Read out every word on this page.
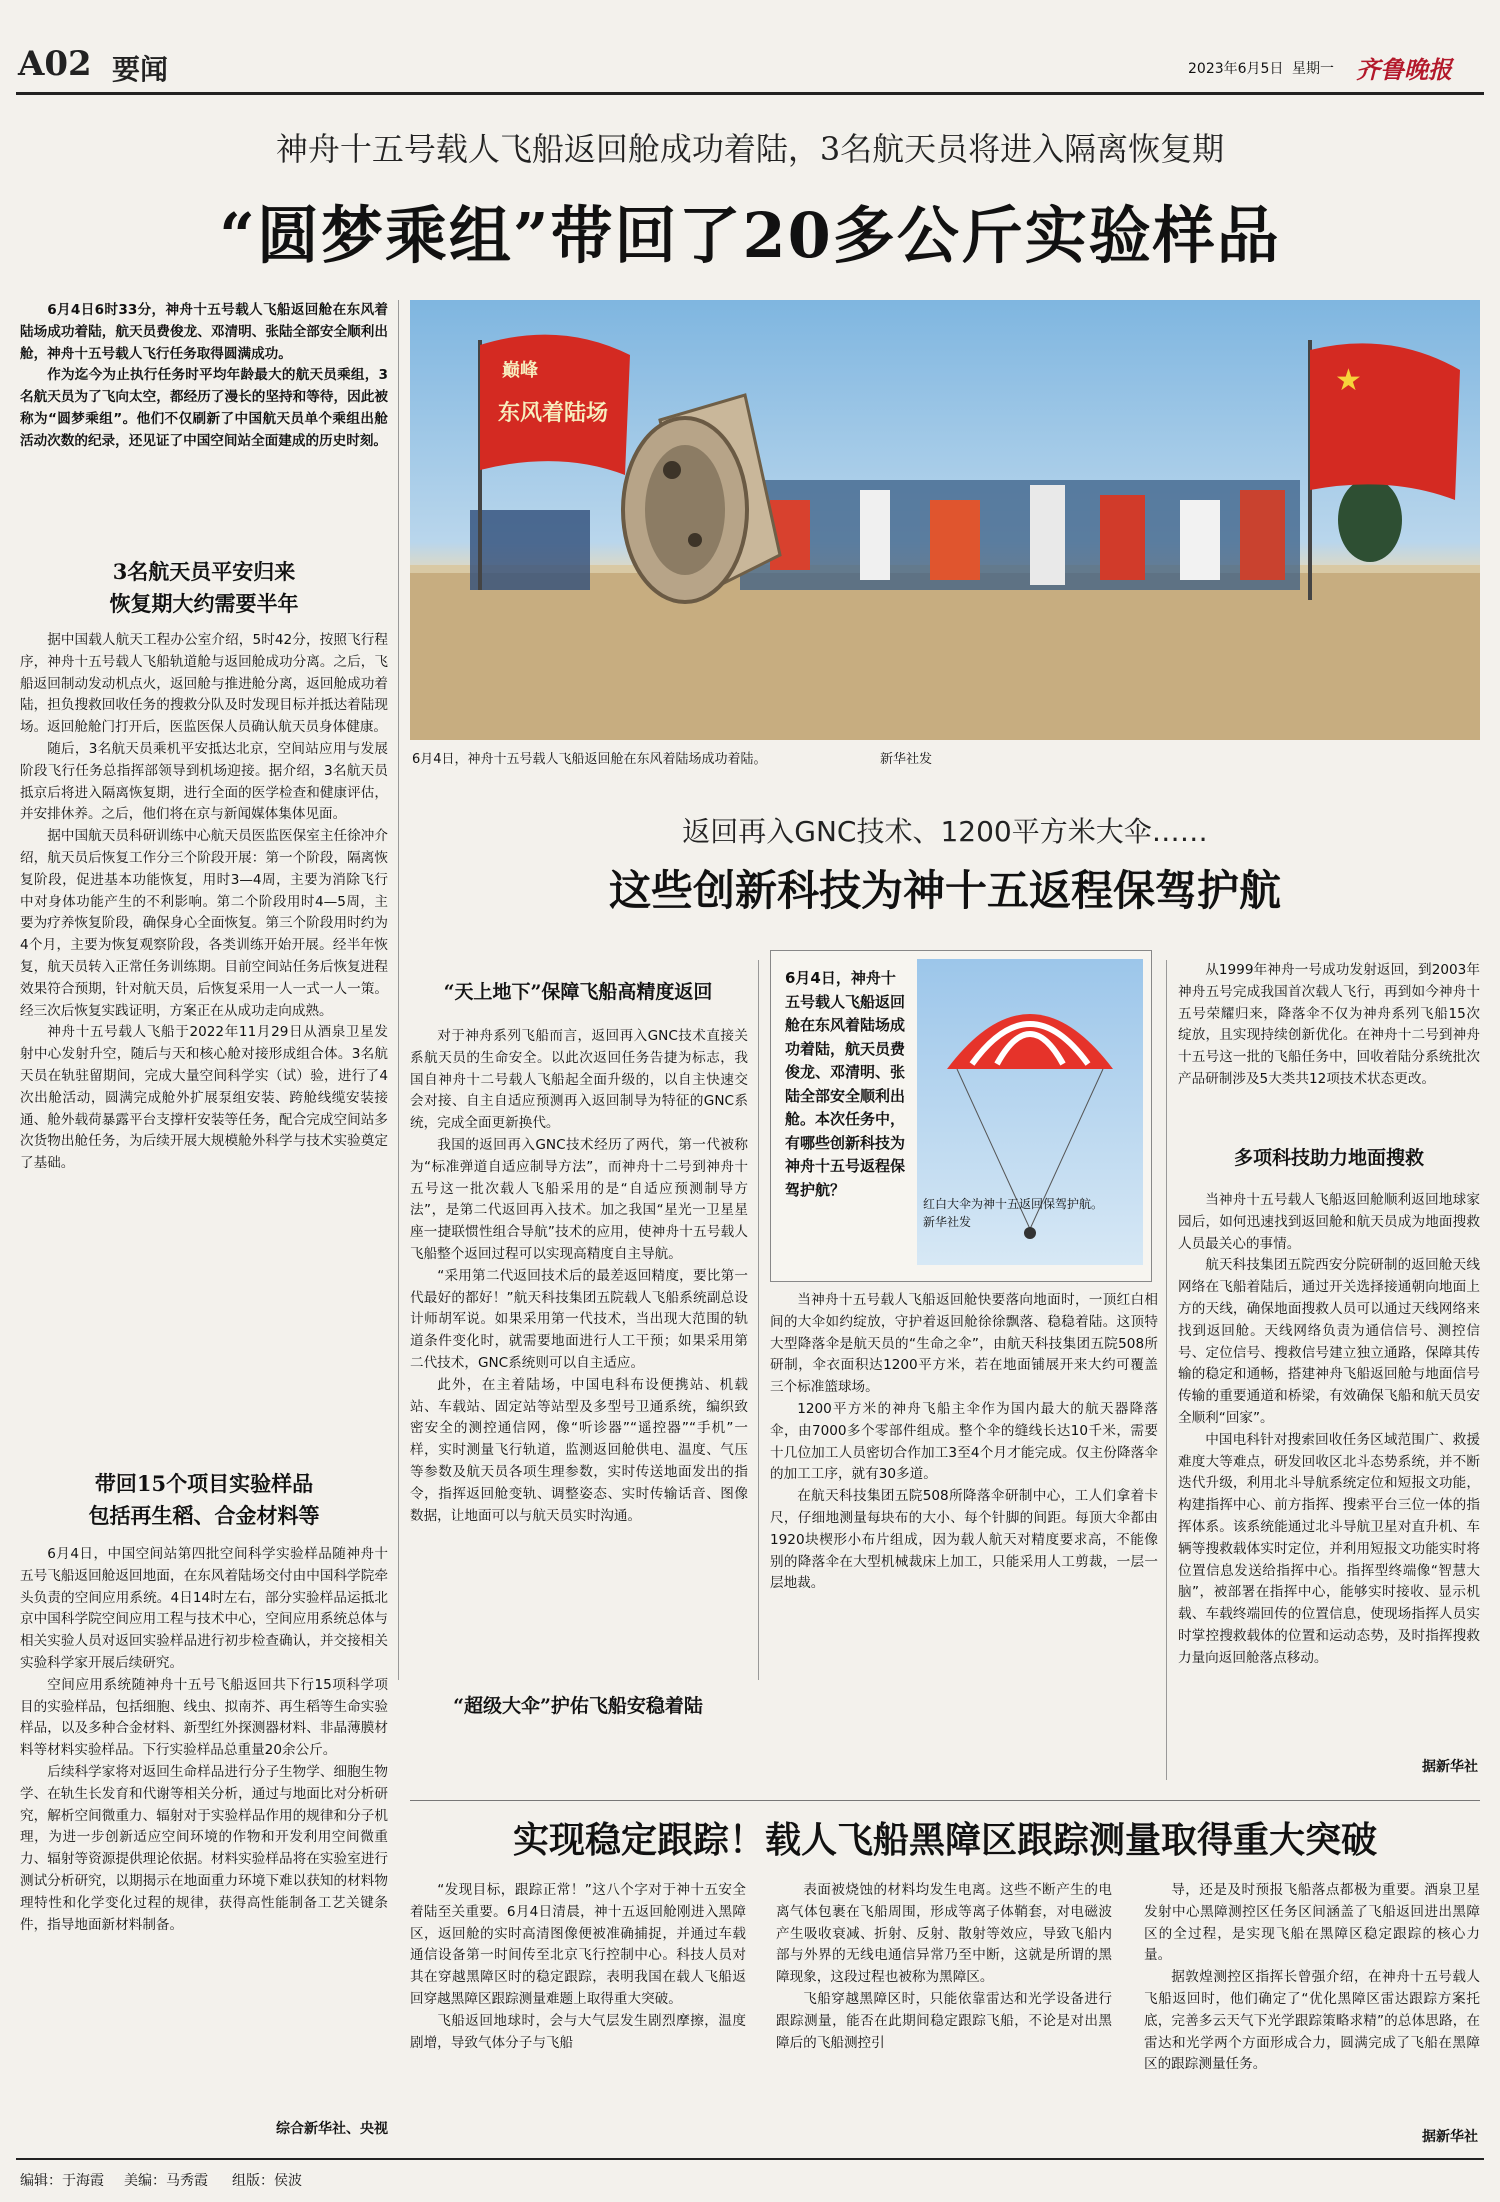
A02 要闻	2023年6月5日 星期一 齐鲁晚报
神舟十五号载人飞船返回舱成功着陆，3名航天员将进入隔离恢复期
“圆梦乘组”带回了20多公斤实验样品

6月4日6时33分，神舟十五号载人飞船返回舱在东风着陆场成功着陆，航天员费俊龙、邓清明、张陆全部安全顺利出舱，神舟十五号载人飞行任务取得圆满成功。

作为迄今为止执行任务时平均年龄最大的航天员乘组，3名航天员为了飞向太空，都经历了漫长的坚持和等待，因此被称为“圆梦乘组”。他们不仅刷新了中国航天员单个乘组出舱活动次数的纪录，还见证了中国空间站全面建成的历史时刻。

3名航天员平安归来
恢复期大约需要半年

据中国载人航天工程办公室介绍，5时42分，按照飞行程序，神舟十五号载人飞船轨道舱与返回舱成功分离。之后，飞船返回制动发动机点火，返回舱与推进舱分离，返回舱成功着陆，担负搜救回收任务的搜救分队及时发现目标并抵达着陆现场。返回舱舱门打开后，医监医保人员确认航天员身体健康。

随后，3名航天员乘机平安抵达北京，空间站应用与发展阶段飞行任务总指挥部领导到机场迎接。据介绍，3名航天员抵京后将进入隔离恢复期，进行全面的医学检查和健康评估，并安排休养。之后，他们将在京与新闻媒体集体见面。

据中国航天员科研训练中心航天员医监医保室主任徐冲介绍，航天员后恢复工作分三个阶段开展：第一个阶段，隔离恢复阶段，促进基本功能恢复，用时3—4周，主要为消除飞行中对身体功能产生的不利影响。第二个阶段用时4—5周，主要为疗养恢复阶段，确保身心全面恢复。第三个阶段用时约为4个月，主要为恢复观察阶段，各类训练开始开展。经半年恢复，航天员转入正常任务训练期。目前空间站任务后恢复进程效果符合预期，针对航天员，后恢复采用一人一式一人一策。经三次后恢复实践证明，方案正在从成功走向成熟。

神舟十五号载人飞船于2022年11月29日从酒泉卫星发射中心发射升空，随后与天和核心舱对接形成组合体。3名航天员在轨驻留期间，完成大量空间科学实（试）验，进行了4次出舱活动，圆满完成舱外扩展泵组安装、跨舱线缆安装接通、舱外载荷暴露平台支撑杆安装等任务，配合完成空间站多次货物出舱任务，为后续开展大规模舱外科学与技术实验奠定了基础。

带回15个项目实验样品
包括再生稻、合金材料等

6月4日，中国空间站第四批空间科学实验样品随神舟十五号飞船返回舱返回地面，在东风着陆场交付由中国科学院牵头负责的空间应用系统。4日14时左右，部分实验样品运抵北京中国科学院空间应用工程与技术中心，空间应用系统总体与相关实验人员对返回实验样品进行初步检查确认，并交接相关实验科学家开展后续研究。

空间应用系统随神舟十五号飞船返回共下行15项科学项目的实验样品，包括细胞、线虫、拟南芥、再生稻等生命实验样品，以及多种合金材料、新型红外探测器材料、非晶薄膜材料等材料实验样品。下行实验样品总重量20余公斤。

后续科学家将对返回生命样品进行分子生物学、细胞生物学、在轨生长发育和代谢等相关分析，通过与地面比对分析研究，解析空间微重力、辐射对于实验样品作用的规律和分子机理，为进一步创新适应空间环境的作物和开发利用空间微重力、辐射等资源提供理论依据。材料实验样品将在实验室进行测试分析研究，以期揭示在地面重力环境下难以获知的材料物理特性和化学变化过程的规律，获得高性能制备工艺关键条件，指导地面新材料制备。

综合新华社、央视
★
巅峰
东风着陆场
6月4日，神舟十五号载人飞船返回舱在东风着陆场成功着陆。	新华社发
返回再入GNC技术、1200平方米大伞……
这些创新科技为神十五返程保驾护航
“天上地下”保障飞船高精度返回

对于神舟系列飞船而言，返回再入GNC技术直接关系航天员的生命安全。以此次返回任务告捷为标志，我国自神舟十二号载人飞船起全面升级的，以自主快速交会对接、自主自适应预测再入返回制导为特征的GNC系统，完成全面更新换代。

我国的返回再入GNC技术经历了两代，第一代被称为“标准弹道自适应制导方法”，而神舟十二号到神舟十五号这一批次载人飞船采用的是“自适应预测制导方法”，是第二代返回再入技术。加之我国“星光一卫星星座一捷联惯性组合导航”技术的应用，使神舟十五号载人飞船整个返回过程可以实现高精度自主导航。

“采用第二代返回技术后的最差返回精度，要比第一代最好的都好！”航天科技集团五院载人飞船系统副总设计师胡军说。如果采用第一代技术，当出现大范围的轨道条件变化时，就需要地面进行人工干预；如果采用第二代技术，GNC系统则可以自主适应。

此外，在主着陆场，中国电科布设便携站、机载站、车载站、固定站等站型及多型号卫通系统，编织致密安全的测控通信网，像“听诊器”“遥控器”“手机”一样，实时测量飞行轨道，监测返回舱供电、温度、气压等参数及航天员各项生理参数，实时传送地面发出的指令，指挥返回舱变轨、调整姿态、实时传输话音、图像数据，让地面可以与航天员实时沟通。

“超级大伞”护佑飞船安稳着陆
6月4日，神舟十五号载人飞船返回舱在东风着陆场成功着陆，航天员费俊龙、邓清明、张陆全部安全顺利出舱。本次任务中，有哪些创新科技为神舟十五号返程保驾护航？
红白大伞为神十五返回保驾护航。新华社发

当神舟十五号载人飞船返回舱快要落向地面时，一顶红白相间的大伞如约绽放，守护着返回舱徐徐飘落、稳稳着陆。这顶特大型降落伞是航天员的“生命之伞”，由航天科技集团五院508所研制，伞衣面积达1200平方米，若在地面铺展开来大约可覆盖三个标准篮球场。

1200平方米的神舟飞船主伞作为国内最大的航天器降落伞，由7000多个零部件组成。整个伞的缝线长达10千米，需要十几位加工人员密切合作加工3至4个月才能完成。仅主份降落伞的加工工序，就有30多道。

在航天科技集团五院508所降落伞研制中心，工人们拿着卡尺，仔细地测量每块布的大小、每个针脚的间距。每顶大伞都由1920块楔形小布片组成，因为载人航天对精度要求高，不能像别的降落伞在大型机械裁床上加工，只能采用人工剪裁，一层一层地裁。

从1999年神舟一号成功发射返回，到2003年神舟五号完成我国首次载人飞行，再到如今神舟十五号荣耀归来，降落伞不仅为神舟系列飞船15次绽放，且实现持续创新优化。在神舟十二号到神舟十五号这一批的飞船任务中，回收着陆分系统批次产品研制涉及5大类共12项技术状态更改。

多项科技助力地面搜救

当神舟十五号载人飞船返回舱顺利返回地球家园后，如何迅速找到返回舱和航天员成为地面搜救人员最关心的事情。

航天科技集团五院西安分院研制的返回舱天线网络在飞船着陆后，通过开关选择接通朝向地面上方的天线，确保地面搜救人员可以通过天线网络来找到返回舱。天线网络负责为通信信号、测控信号、定位信号、搜救信号建立独立通路，保障其传输的稳定和通畅，搭建神舟飞船返回舱与地面信号传输的重要通道和桥梁，有效确保飞船和航天员安全顺利“回家”。

中国电科针对搜索回收任务区域范围广、救援难度大等难点，研发回收区北斗态势系统，并不断迭代升级，利用北斗导航系统定位和短报文功能，构建指挥中心、前方指挥、搜索平台三位一体的指挥体系。该系统能通过北斗导航卫星对直升机、车辆等搜救载体实时定位，并利用短报文功能实时将位置信息发送给指挥中心。指挥型终端像“智慧大脑”，被部署在指挥中心，能够实时接收、显示机载、车载终端回传的位置信息，使现场指挥人员实时掌控搜救载体的位置和运动态势，及时指挥搜救力量向返回舱落点移动。

据新华社
实现稳定跟踪！载人飞船黑障区跟踪测量取得重大突破

“发现目标，跟踪正常！”这八个字对于神十五安全着陆至关重要。6月4日清晨，神十五返回舱刚进入黑障区，返回舱的实时高清图像便被准确捕捉，并通过车载通信设备第一时间传至北京飞行控制中心。科技人员对其在穿越黑障区时的稳定跟踪，表明我国在载人飞船返回穿越黑障区跟踪测量难题上取得重大突破。

飞船返回地球时，会与大气层发生剧烈摩擦，温度剧增，导致气体分子与飞船

表面被烧蚀的材料均发生电离。这些不断产生的电离气体包裹在飞船周围，形成等离子体鞘套，对电磁波产生吸收衰减、折射、反射、散射等效应，导致飞船内部与外界的无线电通信异常乃至中断，这就是所谓的黑障现象，这段过程也被称为黑障区。

飞船穿越黑障区时，只能依靠雷达和光学设备进行跟踪测量，能否在此期间稳定跟踪飞船，不论是对出黑障后的飞船测控引

导，还是及时预报飞船落点都极为重要。酒泉卫星发射中心黑障测控区任务区间涵盖了飞船返回进出黑障区的全过程，是实现飞船在黑障区稳定跟踪的核心力量。

据敦煌测控区指挥长曾强介绍，在神舟十五号载人飞船返回时，他们确定了“优化黑障区雷达跟踪方案托底，完善多云天气下光学跟踪策略求精”的总体思路，在雷达和光学两个方面形成合力，圆满完成了飞船在黑障区的跟踪测量任务。

据新华社
编辑：于海霞 美编：马秀霞 组版：侯波
